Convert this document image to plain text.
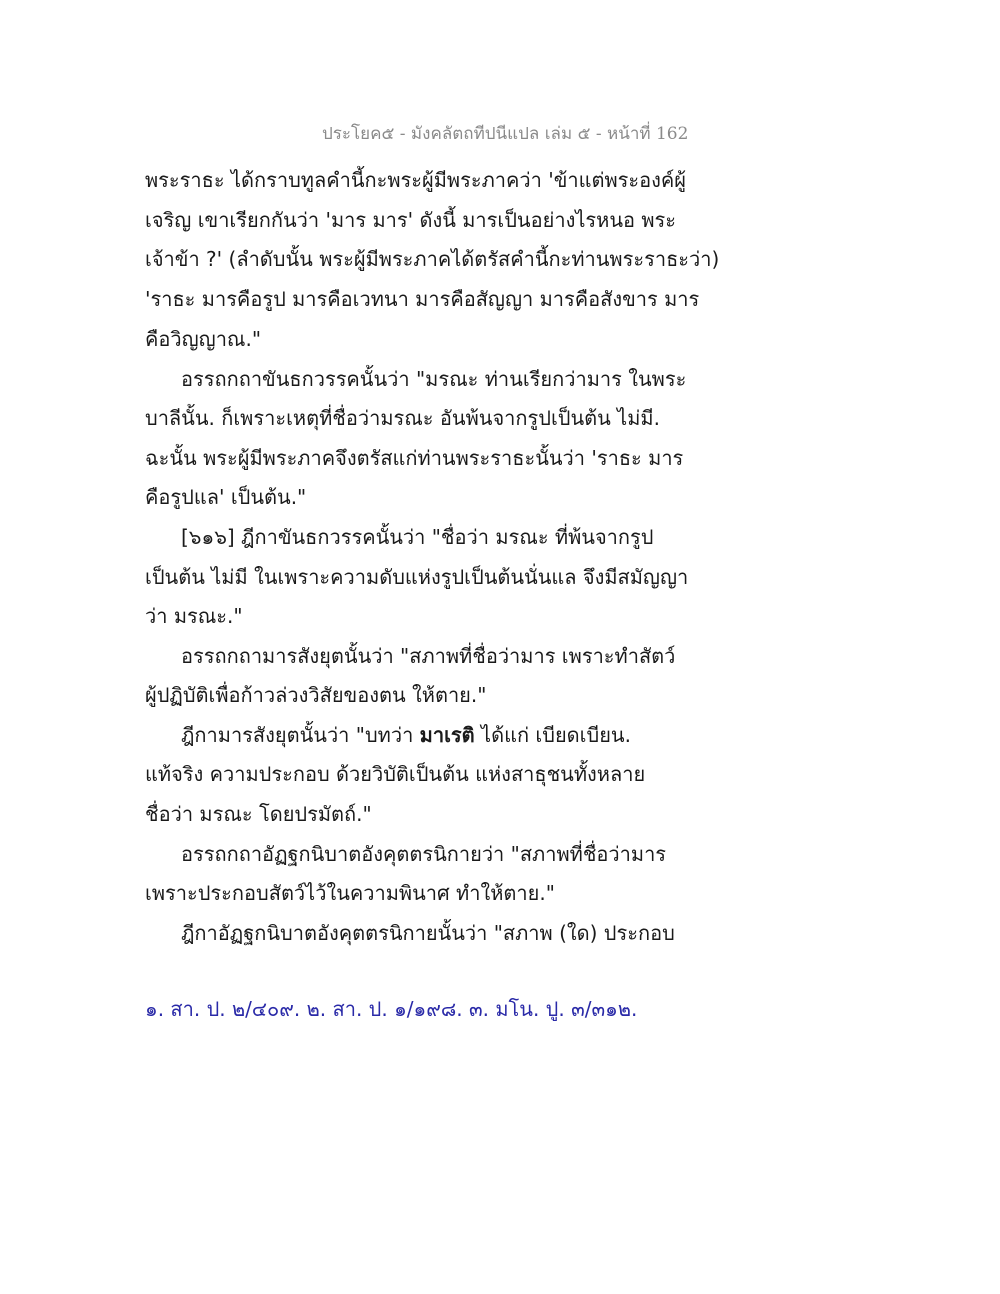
ประโยค๕ - มังคลัตถทีปนีแปล เล่ม ๕ - หน้าที่ 162
พระราธะ ได้กราบทูลคำนี้กะพระผู้มีพระภาคว่า 'ข้าแต่พระองค์ผู้
เจริญ เขาเรียกกันว่า 'มาร มาร' ดังนี้ มารเป็นอย่างไรหนอ พระ
เจ้าข้า ?' (ลำดับนั้น พระผู้มีพระภาคได้ตรัสคำนี้กะท่านพระราธะว่า)
'ราธะ มารคือรูป มารคือเวทนา มารคือสัญญา มารคือสังขาร มาร
คือวิญญาณ."
อรรถกถาขันธกวรรคนั้นว่า "มรณะ ท่านเรียกว่ามาร ในพระ
บาลีนั้น. ก็เพราะเหตุที่ชื่อว่ามรณะ อันพ้นจากรูปเป็นต้น ไม่มี.
ฉะนั้น พระผู้มีพระภาคจึงตรัสแก่ท่านพระราธะนั้นว่า 'ราธะ มาร
คือรูปแล' เป็นต้น."
[๖๑๖] ฎีกาขันธกวรรคนั้นว่า "ชื่อว่า มรณะ ที่พ้นจากรูป
เป็นต้น ไม่มี ในเพราะความดับแห่งรูปเป็นต้นนั่นแล จึงมีสมัญญา
ว่า มรณะ."
อรรถกถามารสังยุตนั้นว่า "สภาพที่ชื่อว่ามาร เพราะทำสัตว์
ผู้ปฏิบัติเพื่อก้าวล่วงวิสัยของตน ให้ตาย."
ฎีกามารสังยุตนั้นว่า "บทว่า มาเรติ ได้แก่ เบียดเบียน.
แท้จริง ความประกอบ ด้วยวิบัติเป็นต้น แห่งสาธุชนทั้งหลาย
ชื่อว่า มรณะ โดยปรมัตถ์."
อรรถกถาอัฏฐกนิบาตอังคุตตรนิกายว่า "สภาพที่ชื่อว่ามาร
เพราะประกอบสัตว์ไว้ในความพินาศ ทำให้ตาย."
ฎีกาอัฏฐกนิบาตอังคุตตรนิกายนั้นว่า "สภาพ (ใด) ประกอบ
๑. สา. ป. ๒/๔๐๙. ๒. สา. ป. ๑/๑๙๘. ๓. มโน. ปู. ๓/๓๑๒.
